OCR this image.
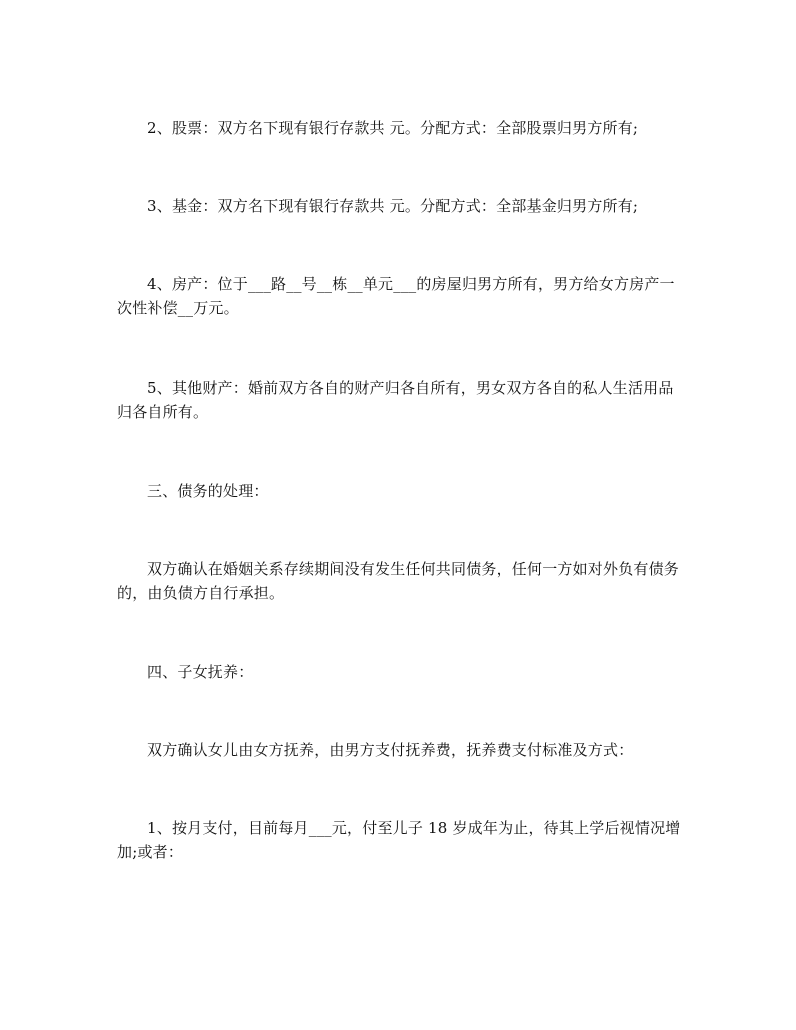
2、股票：双方名下现有银行存款共 元。分配方式：全部股票归男方所有;

3、基金：双方名下现有银行存款共 元。分配方式：全部基金归男方所有;

4、房产：位于___路__号__栋__单元___的房屋归男方所有，男方给女方房产一次性补偿__万元。

5、其他财产：婚前双方各自的财产归各自所有，男女双方各自的私人生活用品归各自所有。

三、债务的处理：

双方确认在婚姻关系存续期间没有发生任何共同债务，任何一方如对外负有债务的，由负债方自行承担。

四、子女抚养：

双方确认女儿由女方抚养，由男方支付抚养费，抚养费支付标准及方式：

1、按月支付，目前每月___元，付至儿子 18 岁成年为止，待其上学后视情况增加;或者：
